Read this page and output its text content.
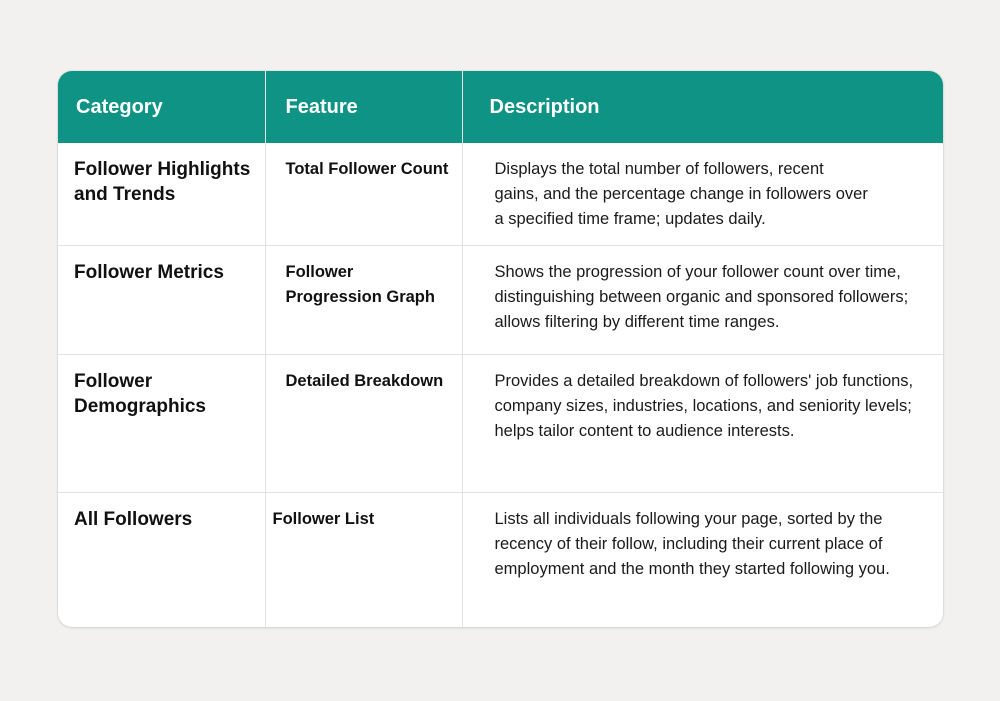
Category	Feature	Description
Follower Highlights and Trends	Total Follower Count	Displays the total number of followers, recent gains, and the percentage change in followers over a specified time frame; updates daily.
Follower Metrics	Follower Progression Graph	Shows the progression of your follower count over time, distinguishing between organic and sponsored followers; allows filtering by different time ranges.
Follower Demographics	Detailed Breakdown	Provides a detailed breakdown of followers' job functions, company sizes, industries, locations, and seniority levels; helps tailor content to audience interests.
All Followers	Follower List	Lists all individuals following your page, sorted by the recency of their follow, including their current place of employment and the month they started following you.
